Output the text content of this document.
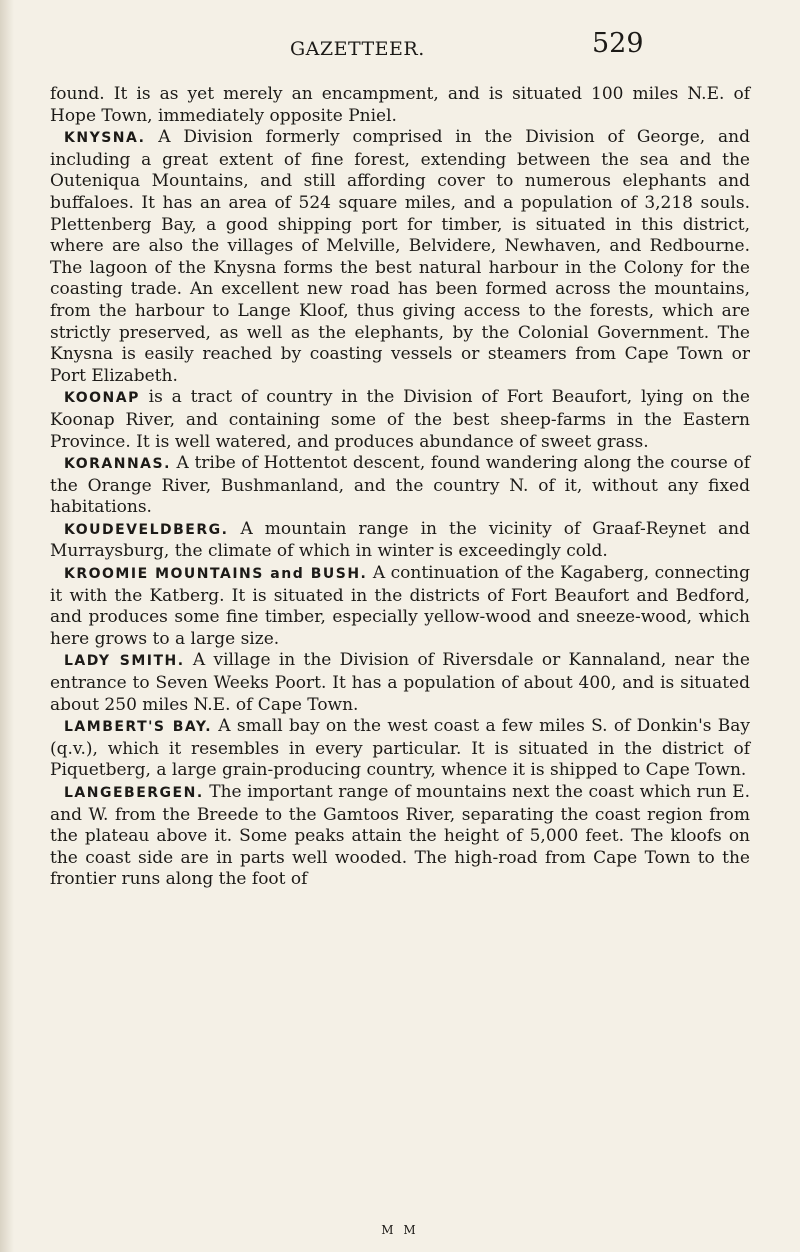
GAZETTEER.	529

found. It is as yet merely an encampment, and is situated 100 miles N.E. of Hope Town, immediately opposite Pniel.

KNYSNA. A Division formerly comprised in the Division of George, and including a great extent of fine forest, extending between the sea and the Outeniqua Mountains, and still affording cover to numerous elephants and buffaloes. It has an area of 524 square miles, and a population of 3,218 souls. Plettenberg Bay, a good shipping port for timber, is situated in this district, where are also the villages of Melville, Belvidere, Newhaven, and Redbourne. The lagoon of the Knysna forms the best natural harbour in the Colony for the coasting trade. An excellent new road has been formed across the mountains, from the harbour to Lange Kloof, thus giving access to the forests, which are strictly preserved, as well as the elephants, by the Colonial Government. The Knysna is easily reached by coasting vessels or steamers from Cape Town or Port Elizabeth.

KOONAP is a tract of country in the Division of Fort Beaufort, lying on the Koonap River, and containing some of the best sheep-farms in the Eastern Province. It is well watered, and produces abundance of sweet grass.

KORANNAS. A tribe of Hottentot descent, found wandering along the course of the Orange River, Bushmanland, and the country N. of it, without any fixed habitations.

KOUDEVELDBERG. A mountain range in the vicinity of Graaf-Reynet and Murraysburg, the climate of which in winter is exceedingly cold.

KROOMIE MOUNTAINS and BUSH. A continuation of the Kagaberg, connecting it with the Katberg. It is situated in the districts of Fort Beaufort and Bedford, and produces some fine timber, especially yellow-wood and sneeze-wood, which here grows to a large size.

LADY SMITH. A village in the Division of Riversdale or Kannaland, near the entrance to Seven Weeks Poort. It has a population of about 400, and is situated about 250 miles N.E. of Cape Town.

LAMBERT'S BAY. A small bay on the west coast a few miles S. of Donkin's Bay (q.v.), which it resembles in every particular. It is situated in the district of Piquetberg, a large grain-producing country, whence it is shipped to Cape Town.

LANGEBERGEN. The important range of mountains next the coast which run E. and W. from the Breede to the Gamtoos River, separating the coast region from the plateau above it. Some peaks attain the height of 5,000 feet. The kloofs on the coast side are in parts well wooded. The high-road from Cape Town to the frontier runs along the foot of

M M
